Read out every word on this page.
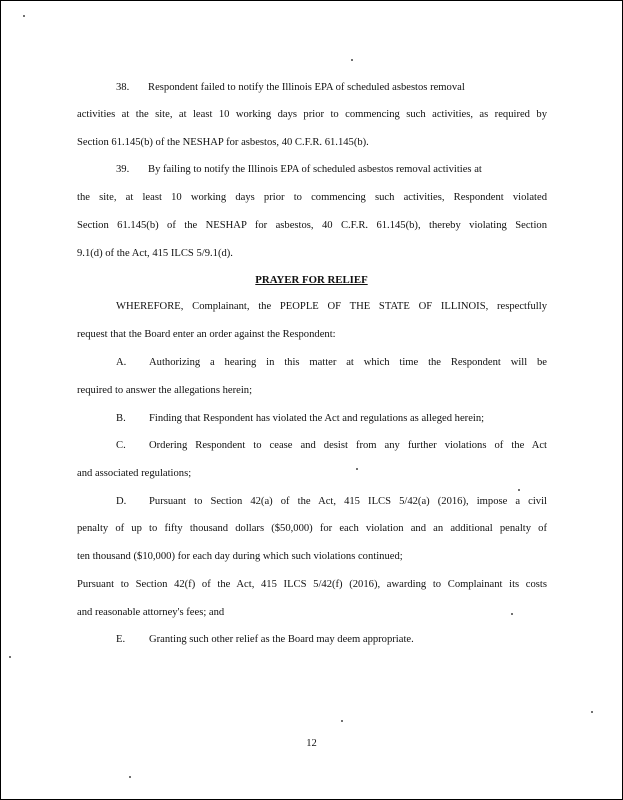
38. Respondent failed to notify the Illinois EPA of scheduled asbestos removal
activities at the site, at least 10 working days prior to commencing such activities, as required by
Section 61.145(b) of the NESHAP for asbestos, 40 C.F.R. 61.145(b).
39. By failing to notify the Illinois EPA of scheduled asbestos removal activities at
the site, at least 10 working days prior to commencing such activities, Respondent violated
Section 61.145(b) of the NESHAP for asbestos, 40 C.F.R. 61.145(b), thereby violating Section
9.1(d) of the Act, 415 ILCS 5/9.1(d).
PRAYER FOR RELIEF
WHEREFORE, Complainant, the PEOPLE OF THE STATE OF ILLINOIS, respectfully
request that the Board enter an order against the Respondent:
A. Authorizing a hearing in this matter at which time the Respondent will be
required to answer the allegations herein;
B. Finding that Respondent has violated the Act and regulations as alleged herein;
C. Ordering Respondent to cease and desist from any further violations of the Act
and associated regulations;
D. Pursuant to Section 42(a) of the Act, 415 ILCS 5/42(a) (2016), impose a civil
penalty of up to fifty thousand dollars ($50,000) for each violation and an additional penalty of
ten thousand ($10,000) for each day during which such violations continued;
Pursuant to Section 42(f) of the Act, 415 ILCS 5/42(f) (2016), awarding to Complainant its costs
and reasonable attorney's fees; and
E. Granting such other relief as the Board may deem appropriate.
12
